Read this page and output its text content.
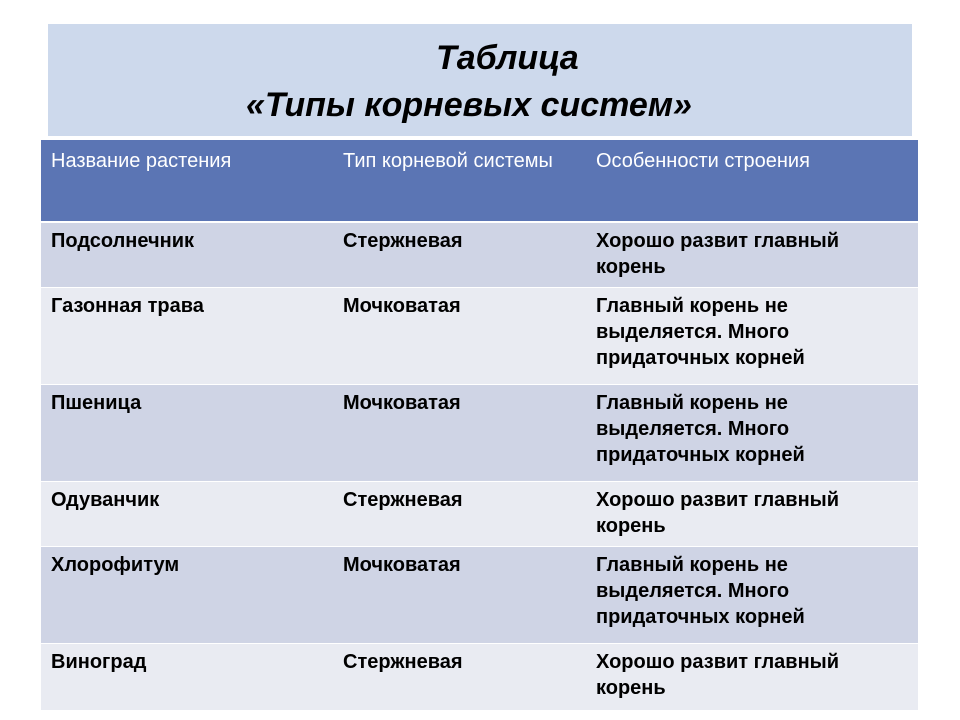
Таблица
«Типы корневых систем»
Название растения	Тип корневой системы	Особенности строения
Подсолнечник	Стержневая	Хорошо развит главный корень
Газонная трава	Мочковатая	Главный корень не выделяется. Много придаточных корней
Пшеница	Мочковатая	Главный корень не выделяется. Много придаточных корней
Одуванчик	Стержневая	Хорошо развит главный корень
Хлорофитум	Мочковатая	Главный корень не выделяется. Много придаточных корней
Виноград	Стержневая	Хорошо развит главный корень
